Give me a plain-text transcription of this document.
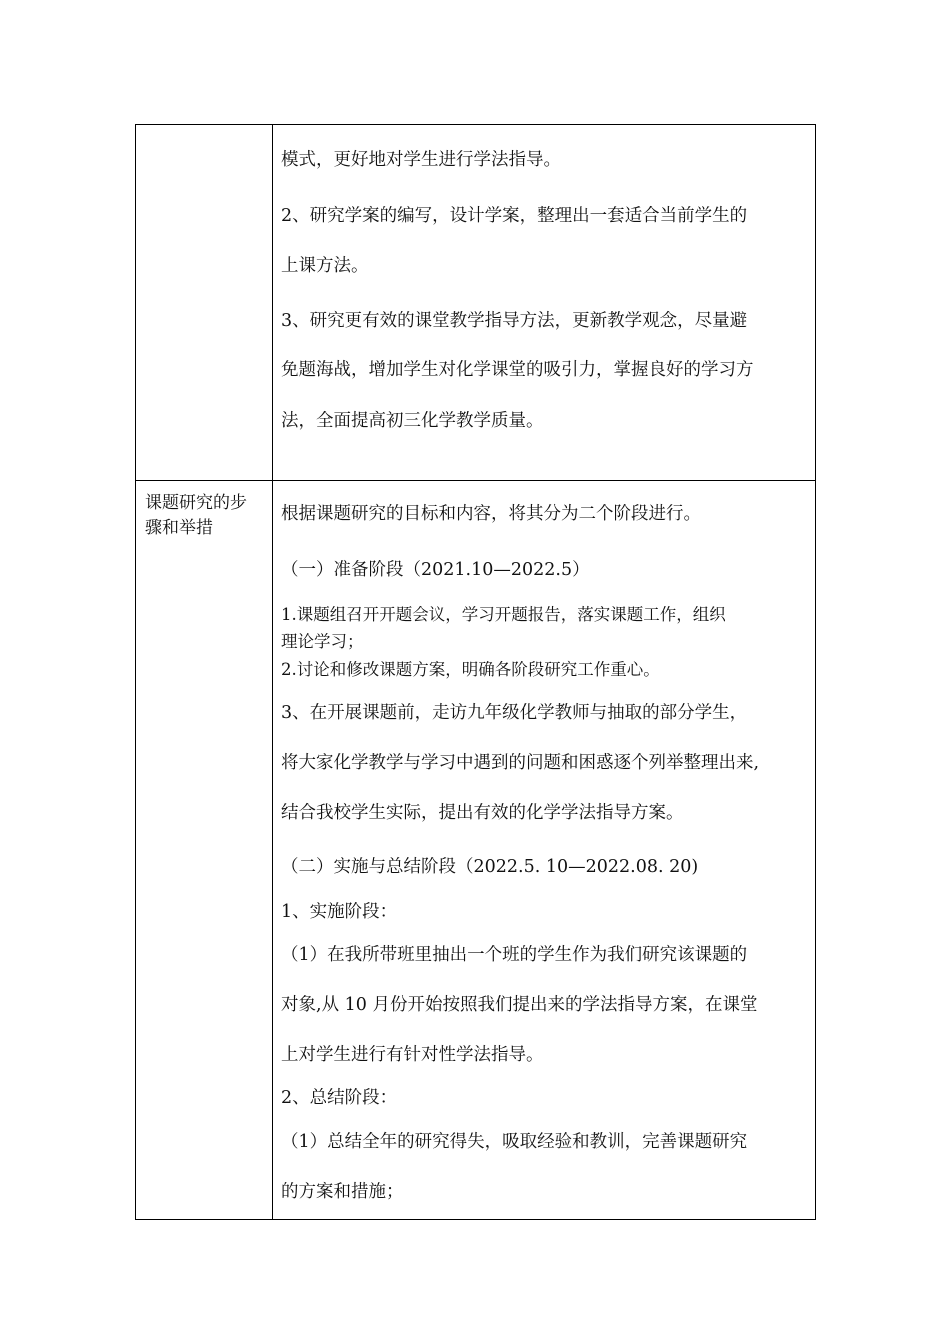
模式，更好地对学生进行学法指导。
2、研究学案的编写，设计学案，整理出一套适合当前学生的
上课方法。
3、研究更有效的课堂教学指导方法，更新教学观念，尽量避
免题海战，增加学生对化学课堂的吸引力，掌握良好的学习方
法，全面提高初三化学教学质量。
课题研究的步
骤和举措
根据课题研究的目标和内容，将其分为二个阶段进行。
（一）准备阶段（2021.10—2022.5）
1.课题组召开开题会议，学习开题报告，落实课题工作，组织
理论学习；
2.讨论和修改课题方案，明确各阶段研究工作重心。
3、在开展课题前，走访九年级化学教师与抽取的部分学生，
将大家化学教学与学习中遇到的问题和困惑逐个列举整理出来,
结合我校学生实际，提出有效的化学学法指导方案。
（二）实施与总结阶段（2022.5. 10—2022.08. 20)
1、实施阶段：
（1）在我所带班里抽出一个班的学生作为我们研究该课题的
对象,从 10 月份开始按照我们提出来的学法指导方案，在课堂
上对学生进行有针对性学法指导。
2、总结阶段：
（1）总结全年的研究得失，吸取经验和教训，完善课题研究
的方案和措施；
